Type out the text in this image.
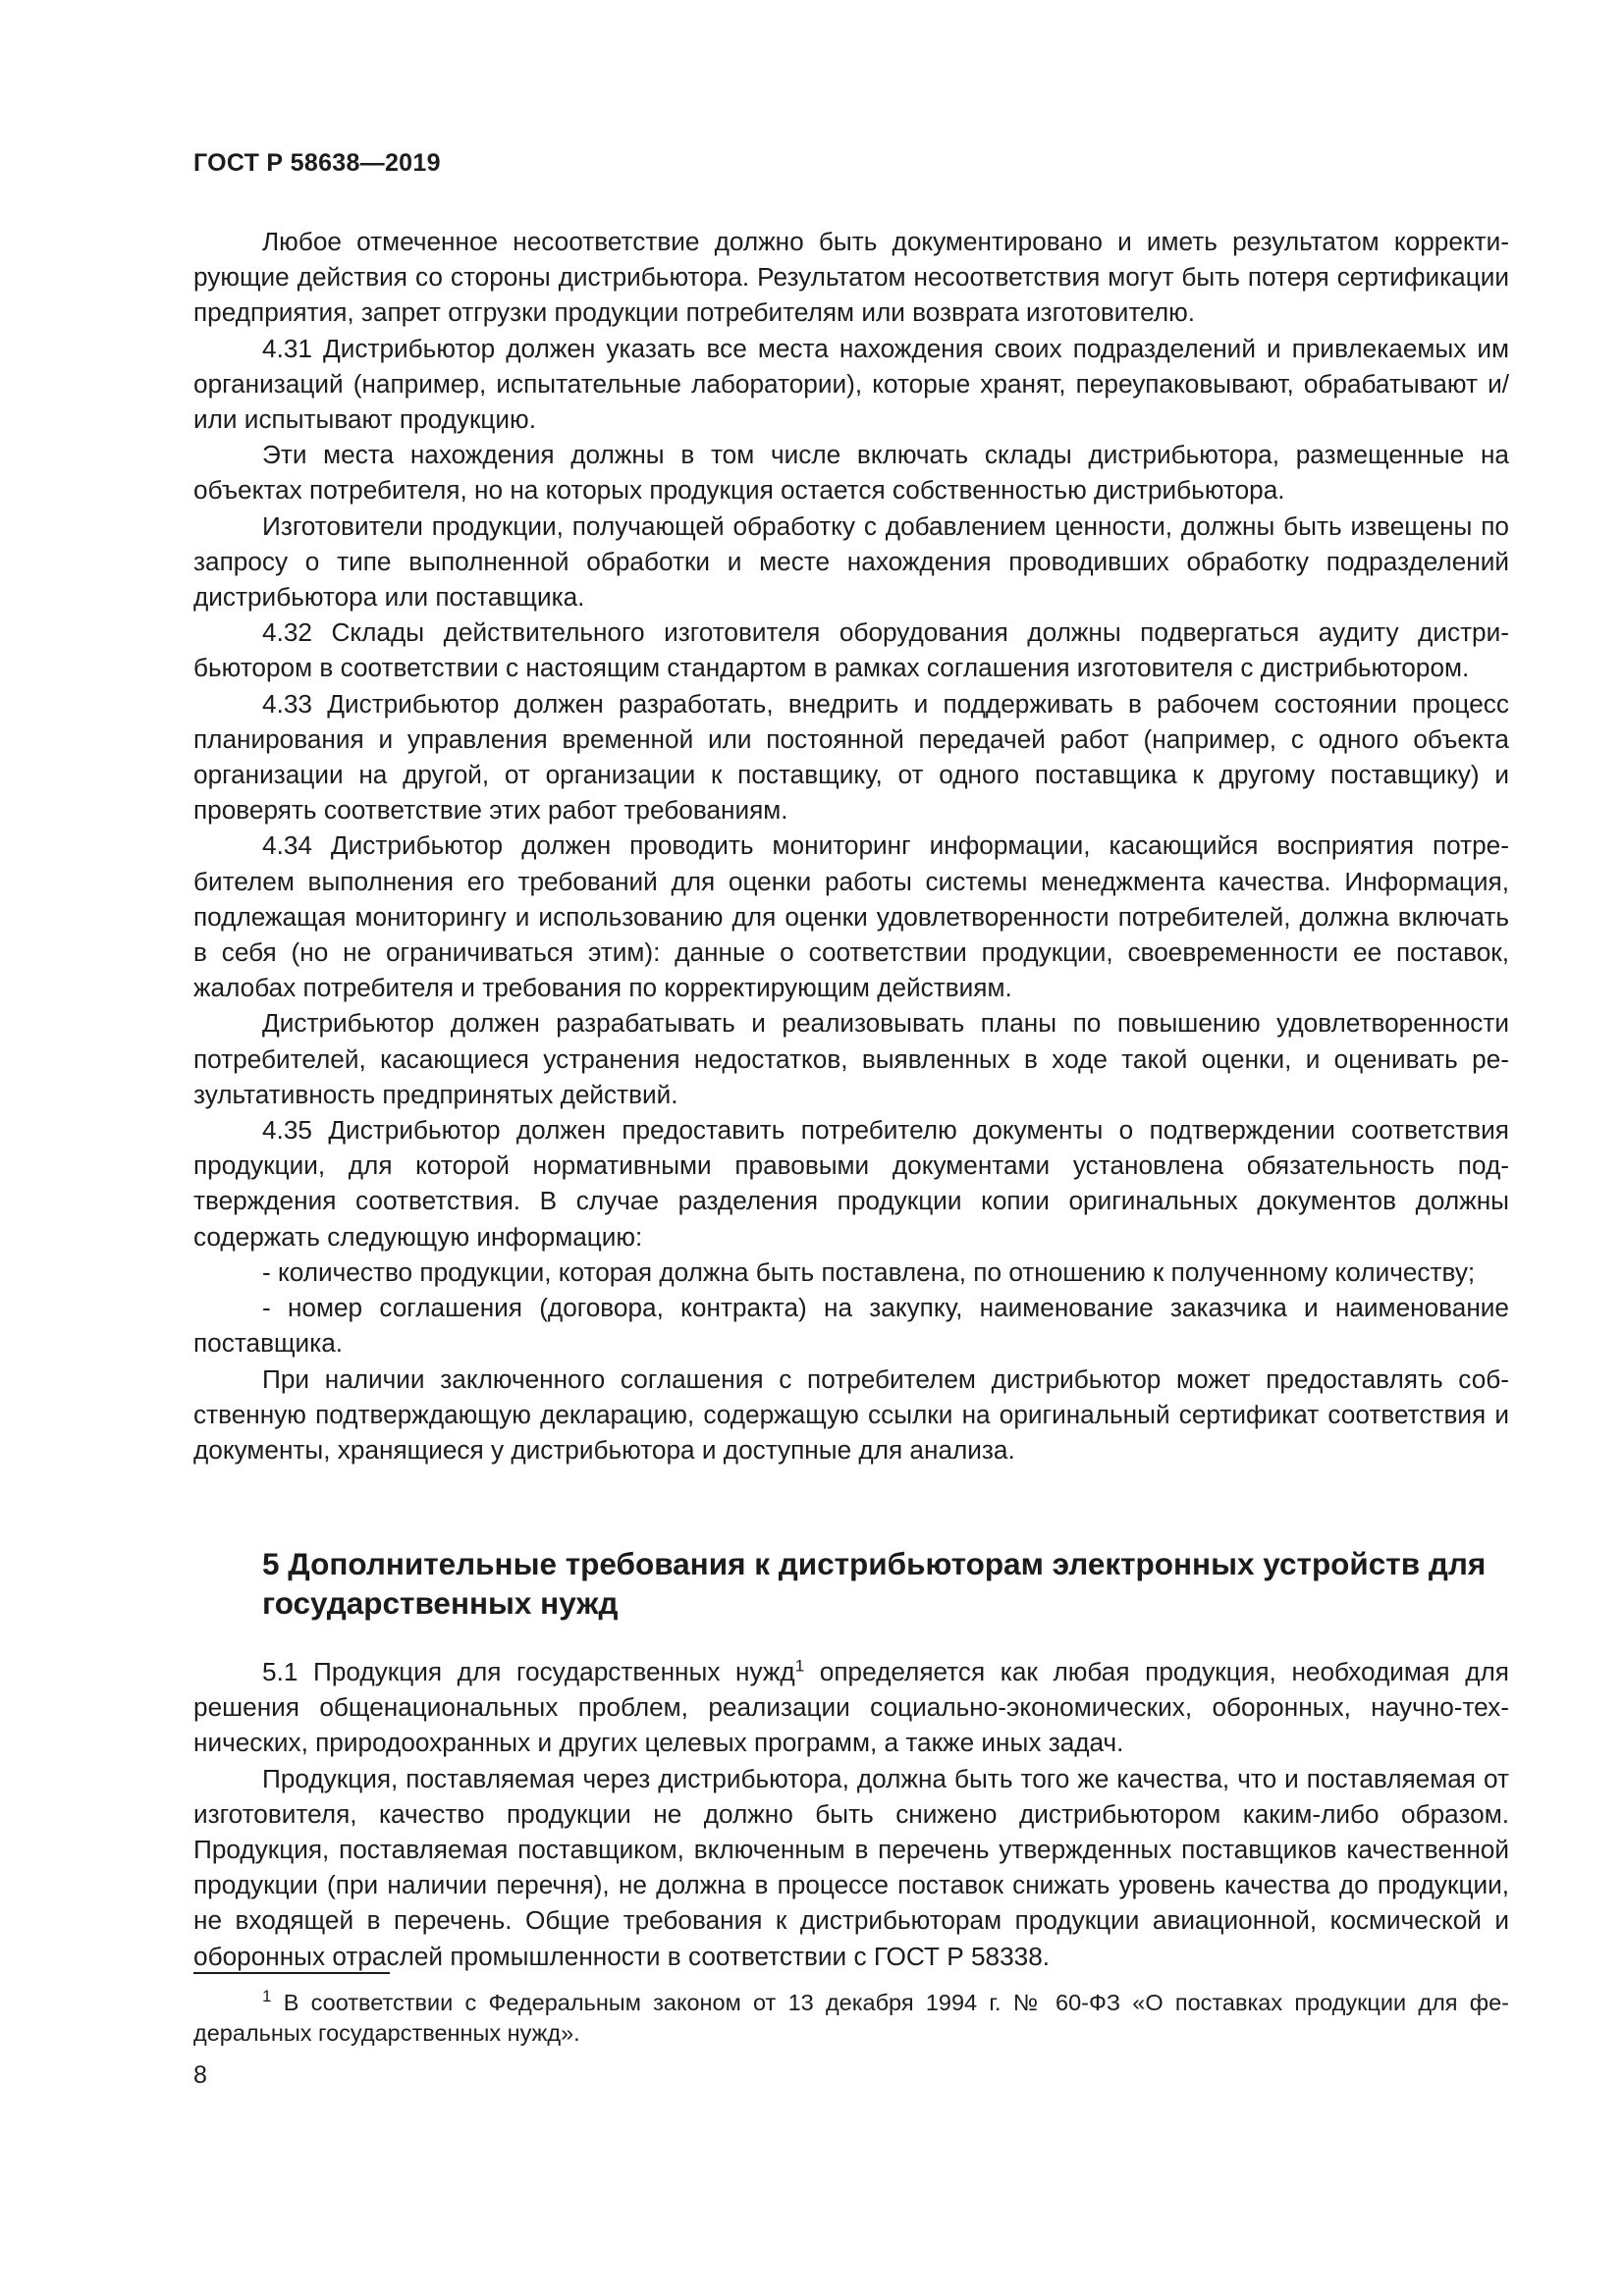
ГОСТ Р 58638—2019

Любое отмеченное несоответствие должно быть документировано и иметь результатом корректирующие действия со стороны дистрибьютора. Результатом несоответствия могут быть потеря сертификации предприятия, запрет отгрузки продукции потребителям или возврата изготовителю.

4.31 Дистрибьютор должен указать все места нахождения своих подразделений и привлекаемых им организаций (например, испытательные лаборатории), которые хранят, переупаковывают, обрабатывают и/или испытывают продукцию.

Эти места нахождения должны в том числе включать склады дистрибьютора, размещенные на объектах потребителя, но на которых продукция остается собственностью дистрибьютора.

Изготовители продукции, получающей обработку с добавлением ценности, должны быть извещены по запросу о типе выполненной обработки и месте нахождения проводивших обработку подразделений дистрибьютора или поставщика.

4.32 Склады действительного изготовителя оборудования должны подвергаться аудиту дистрибьютором в соответствии с настоящим стандартом в рамках соглашения изготовителя с дистрибьютором.

4.33 Дистрибьютор должен разработать, внедрить и поддерживать в рабочем состоянии процесс планирования и управления временной или постоянной передачей работ (например, с одного объекта организации на другой, от организации к поставщику, от одного поставщика к другому поставщику) и проверять соответствие этих работ требованиям.

4.34 Дистрибьютор должен проводить мониторинг информации, касающийся восприятия потребителем выполнения его требований для оценки работы системы менеджмента качества. Информация, подлежащая мониторингу и использованию для оценки удовлетворенности потребителей, должна включать в себя (но не ограничиваться этим): данные о соответствии продукции, своевременности ее поставок, жалобах потребителя и требования по корректирующим действиям.

Дистрибьютор должен разрабатывать и реализовывать планы по повышению удовлетворенности потребителей, касающиеся устранения недостатков, выявленных в ходе такой оценки, и оценивать результативность предпринятых действий.

4.35 Дистрибьютор должен предоставить потребителю документы о подтверждении соответствия продукции, для которой нормативными правовыми документами установлена обязательность подтверждения соответствия. В случае разделения продукции копии оригинальных документов должны содержать следующую информацию:

- количество продукции, которая должна быть поставлена, по отношению к полученному количеству;

- номер соглашения (договора, контракта) на закупку, наименование заказчика и наименование поставщика.

При наличии заключенного соглашения с потребителем дистрибьютор может предоставлять собственную подтверждающую декларацию, содержащую ссылки на оригинальный сертификат соответствия и документы, хранящиеся у дистрибьютора и доступные для анализа.

5 Дополнительные требования к дистрибьюторам электронных устройств для государственных нужд

5.1 Продукция для государственных нужд$^1$ определяется как любая продукция, необходимая для решения общенациональных проблем, реализации социально-экономических, оборонных, научно-технических, природоохранных и других целевых программ, а также иных задач.

Продукция, поставляемая через дистрибьютора, должна быть того же качества, что и поставляемая от изготовителя, качество продукции не должно быть снижено дистрибьютором каким-либо образом. Продукция, поставляемая поставщиком, включенным в перечень утвержденных поставщиков качественной продукции (при наличии перечня), не должна в процессе поставок снижать уровень качества до продукции, не входящей в перечень. Общие требования к дистрибьюторам продукции авиационной, космической и оборонных отраслей промышленности в соответствии с ГОСТ Р 58338.

$^1$ В соответствии с Федеральным законом от 13 декабря 1994 г. № 60-ФЗ «О поставках продукции для федеральных государственных нужд».

8
